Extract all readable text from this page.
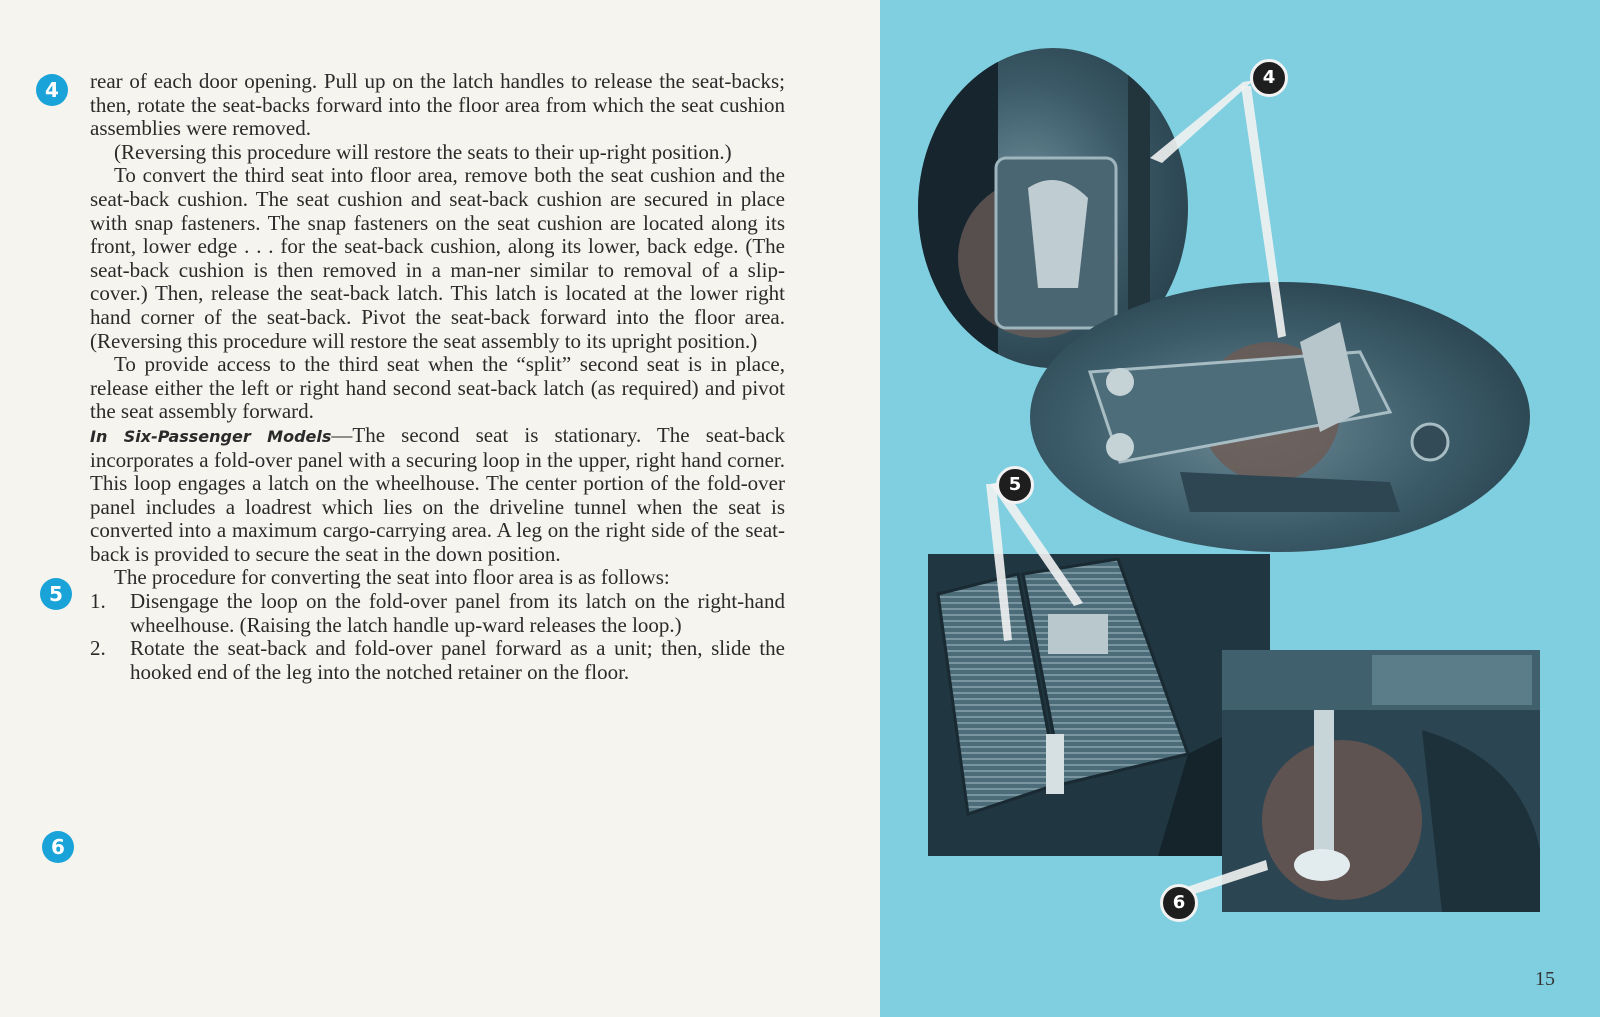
4
5
6

rear of each door opening. Pull up on the latch handles to release the seat-backs; then, rotate the seat-backs forward into the floor area from which the seat cushion assemblies were removed.

(Reversing this procedure will restore the seats to their up-right position.)

To convert the third seat into floor area, remove both the seat cushion and the seat-back cushion. The seat cushion and seat-back cushion are secured in place with snap fasteners. The snap fasteners on the seat cushion are located along its front, lower edge . . . for the seat-back cushion, along its lower, back edge. (The seat-back cushion is then removed in a man-ner similar to removal of a slip-cover.) Then, release the seat-back latch. This latch is located at the lower right hand corner of the seat-back. Pivot the seat-back forward into the floor area. (Reversing this procedure will restore the seat assembly to its upright position.)

To provide access to the third seat when the “split” second seat is in place, release either the left or right hand second seat-back latch (as required) and pivot the seat assembly forward.

In Six-Passenger Models—The second seat is stationary. The seat-back incorporates a fold-over panel with a securing loop in the upper, right hand corner. This loop engages a latch on the wheelhouse. The center portion of the fold-over panel includes a loadrest which lies on the driveline tunnel when the seat is converted into a maximum cargo-carrying area. A leg on the right side of the seat-back is provided to secure the seat in the down position.

The procedure for converting the seat into floor area is as follows:

1. Disengage the loop on the fold-over panel from its latch on the right-hand wheelhouse. (Raising the latch handle up-ward releases the loop.)
2. Rotate the seat-back and fold-over panel forward as a unit; then, slide the hooked end of the leg into the notched retainer on the floor.
4
5
6
15
